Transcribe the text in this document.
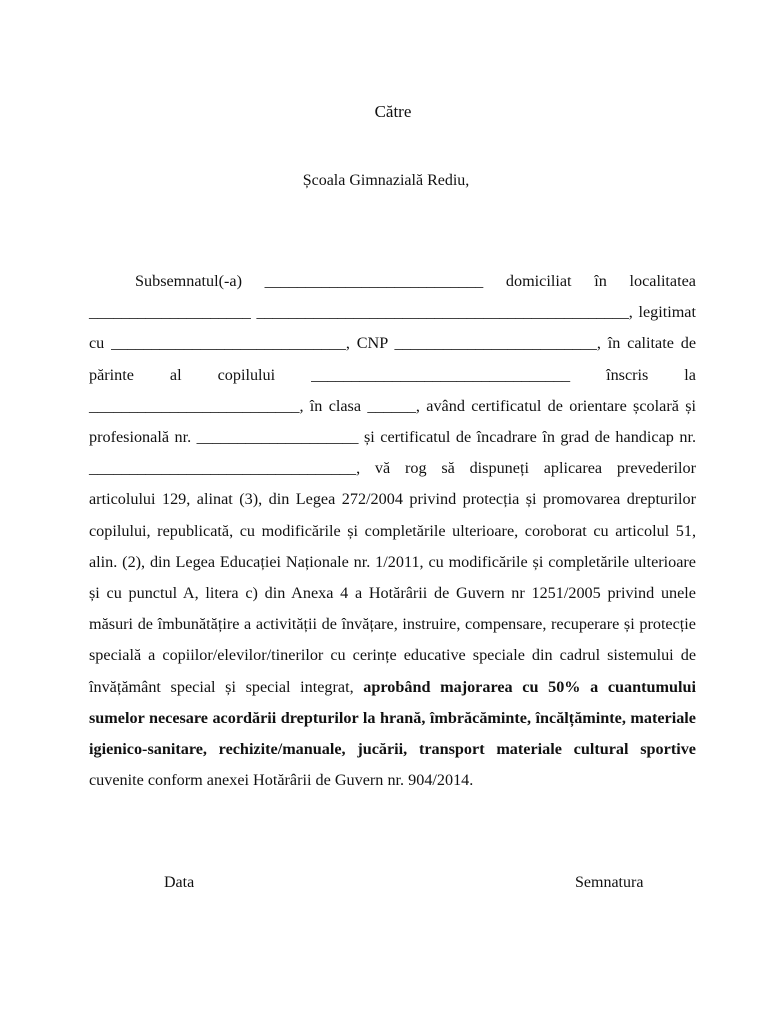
Către
Școala Gimnazială Rediu,
Subsemnatul(-a) ___________________________ domiciliat în localitatea ____________________ ______________________________________________, legitimat cu _____________________________, CNP _________________________, în calitate de părinte al copilului ________________________________ înscris la __________________________, în clasa ______, având certificatul de orientare școlară și profesională nr. ____________________ și certificatul de încadrare în grad de handicap nr. _________________________________, vă rog să dispuneți aplicarea prevederilor articolului 129, alinat (3), din Legea 272/2004 privind protecția și promovarea drepturilor copilului, republicată, cu modificările și completările ulterioare, coroborat cu articolul 51, alin. (2), din Legea Educației Naționale nr. 1/2011, cu modificările și completările ulterioare și cu punctul A, litera c) din Anexa 4 a Hotărârii de Guvern nr 1251/2005 privind unele măsuri de îmbunătățire a activității de învățare, instruire, compensare, recuperare și protecție specială a copiilor/elevilor/tinerilor cu cerințe educative speciale din cadrul sistemului de învățământ special și special integrat, aprobând majorarea cu 50% a cuantumului sumelor necesare acordării drepturilor la hrană, îmbrăcăminte, încălțăminte, materiale igienico-sanitare, rechizite/manuale, jucării, transport materiale cultural sportive cuvenite conform anexei Hotărârii de Guvern nr. 904/2014.
Data	Semnatura
